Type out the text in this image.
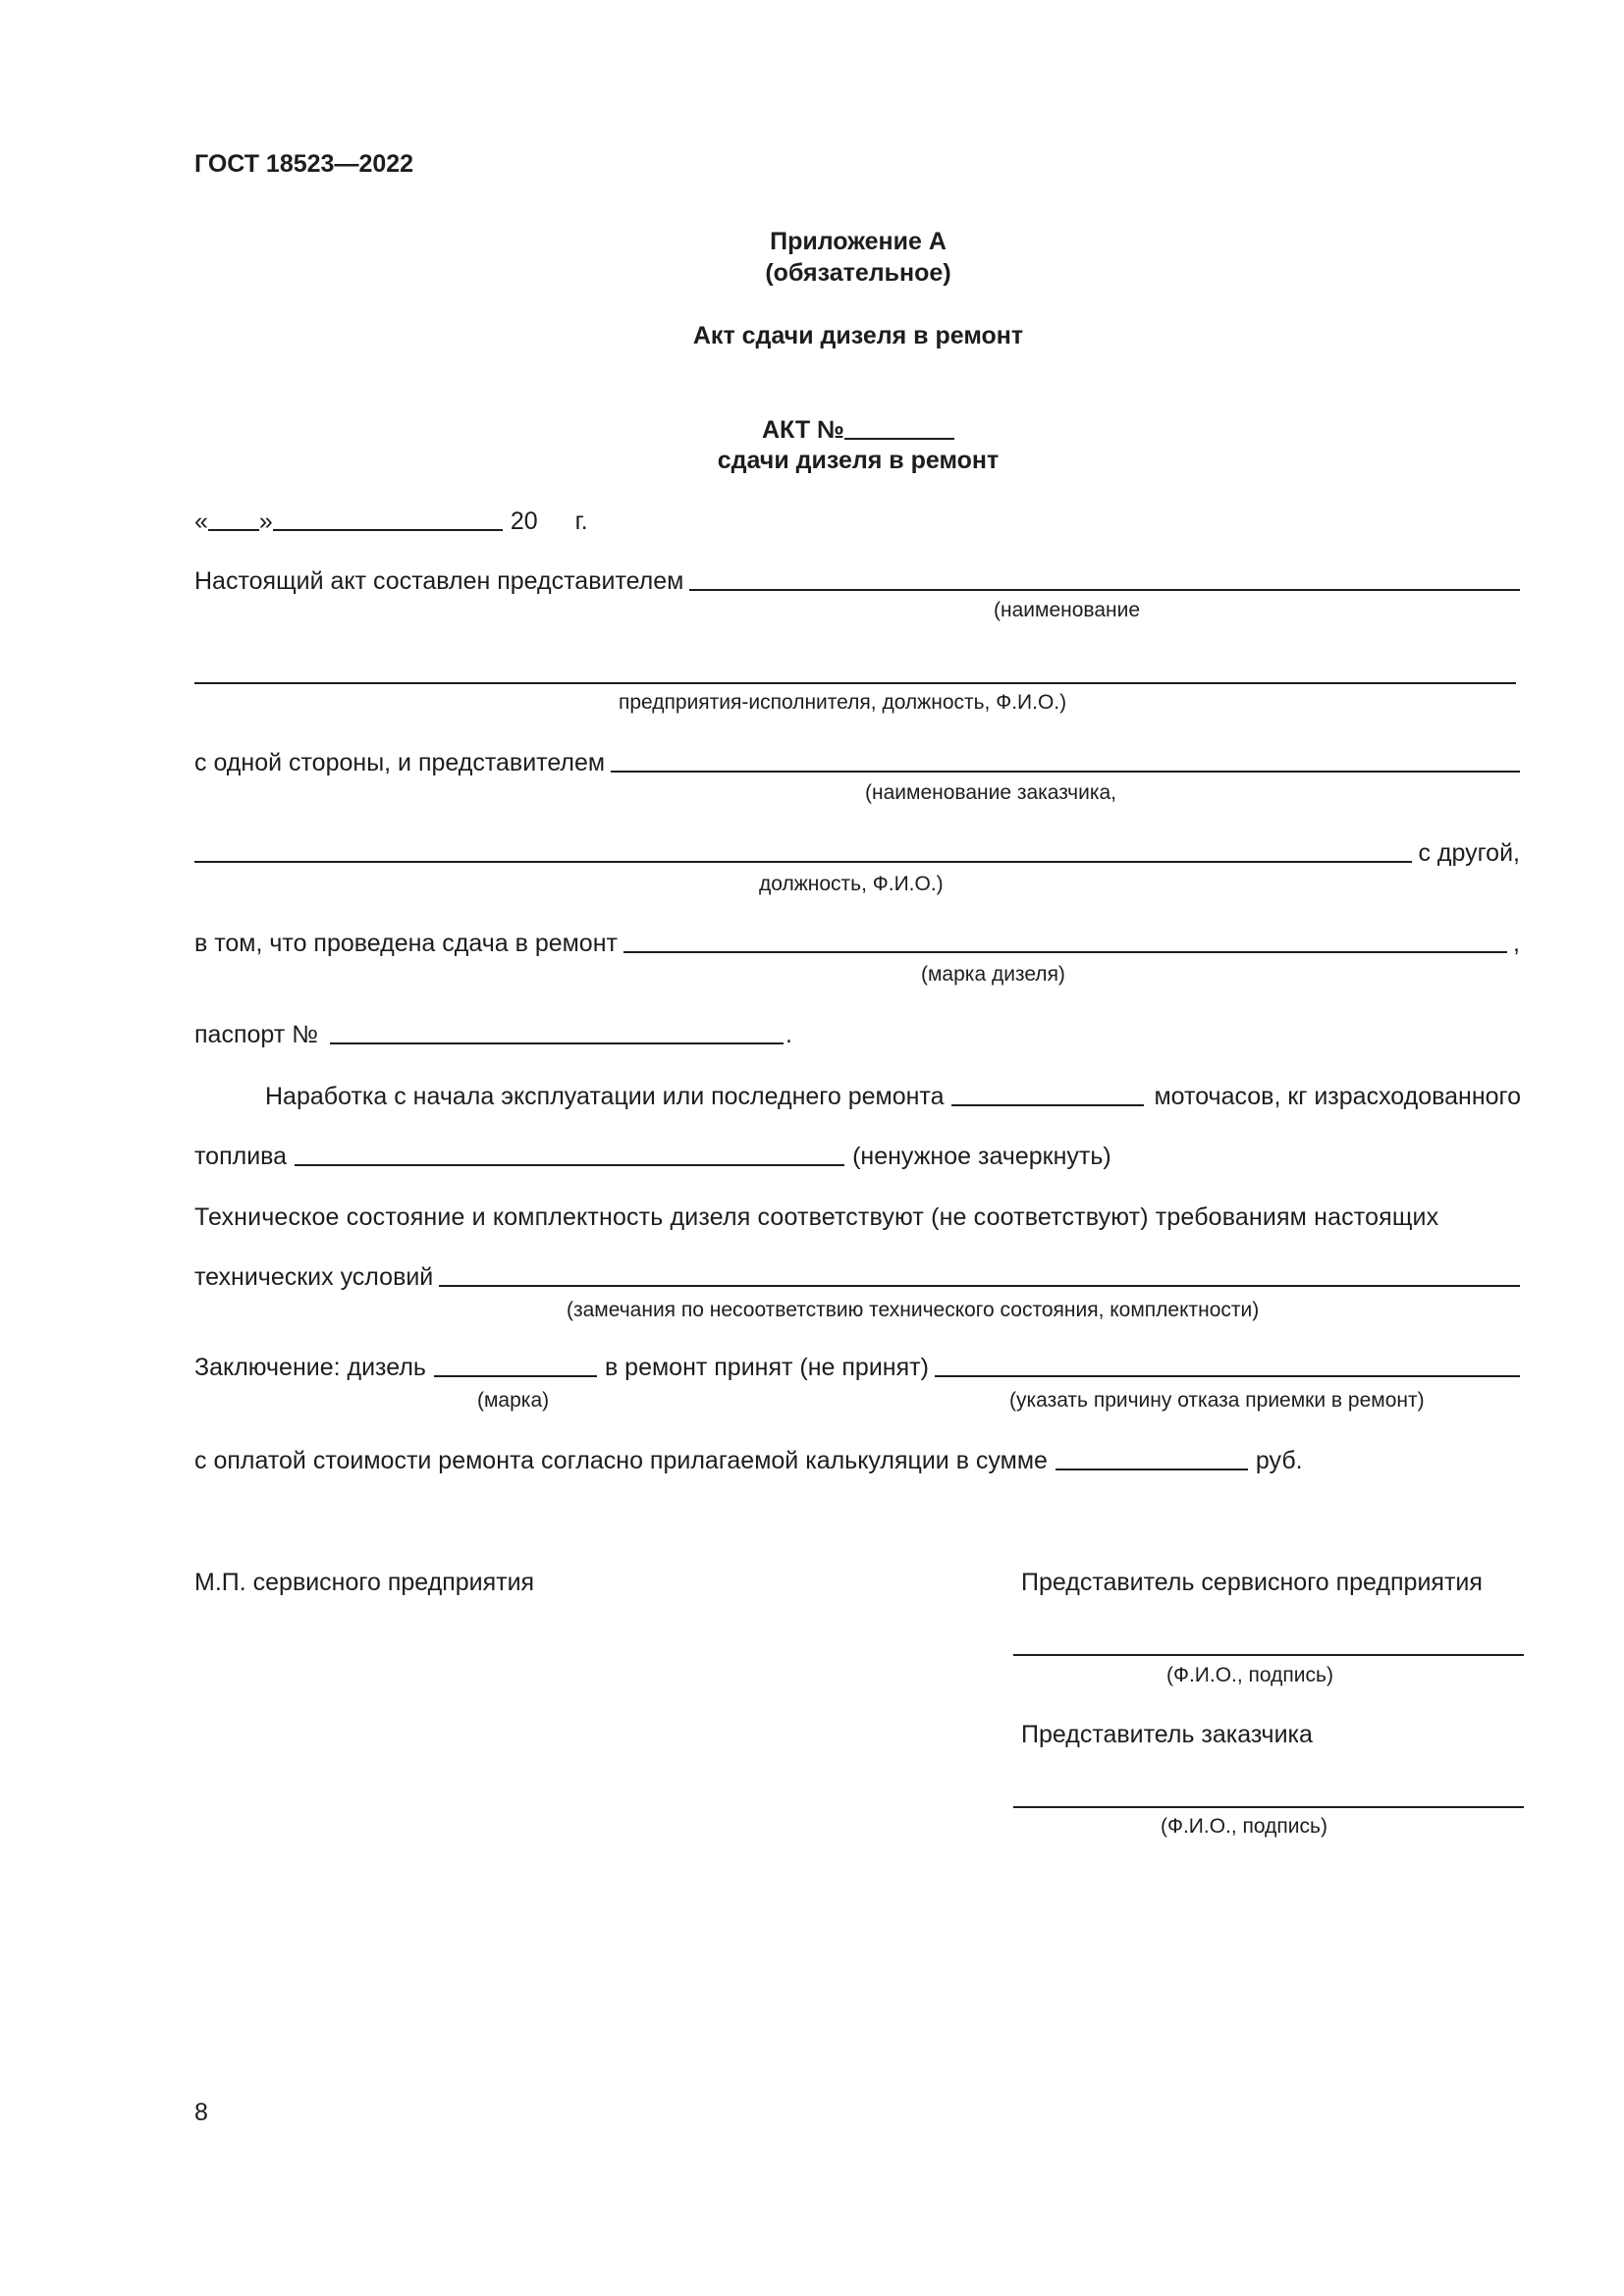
ГОСТ 18523—2022
Приложение А
(обязательное)
Акт сдачи дизеля в ремонт
АКТ №
сдачи дизеля в ремонт
« »	20 г.
Настоящий акт составлен представителем
(наименование
предприятия-исполнителя, должность, Ф.И.О.)
с одной стороны, и представителем
(наименование заказчика,
с другой,
должность, Ф.И.О.)
в том, что проведена сдача в ремонт	,
(марка дизеля)
паспорт №	.
Наработка с начала эксплуатации или последнего ремонта	моточасов, кг израсходованного
топлива	(ненужное зачеркнуть)
Техническое состояние и комплектность дизеля соответствуют (не соответствуют) требованиям настоящих
технических условий
(замечания по несоответствию технического состояния, комплектности)
Заключение: дизель	в ремонт принят (не принят)
(марка)	(указать причину отказа приемки в ремонт)
с оплатой стоимости ремонта согласно прилагаемой калькуляции в сумме	руб.
М.П. сервисного предприятия	Представитель сервисного предприятия
(Ф.И.О., подпись)
Представитель заказчика
(Ф.И.О., подпись)
8
